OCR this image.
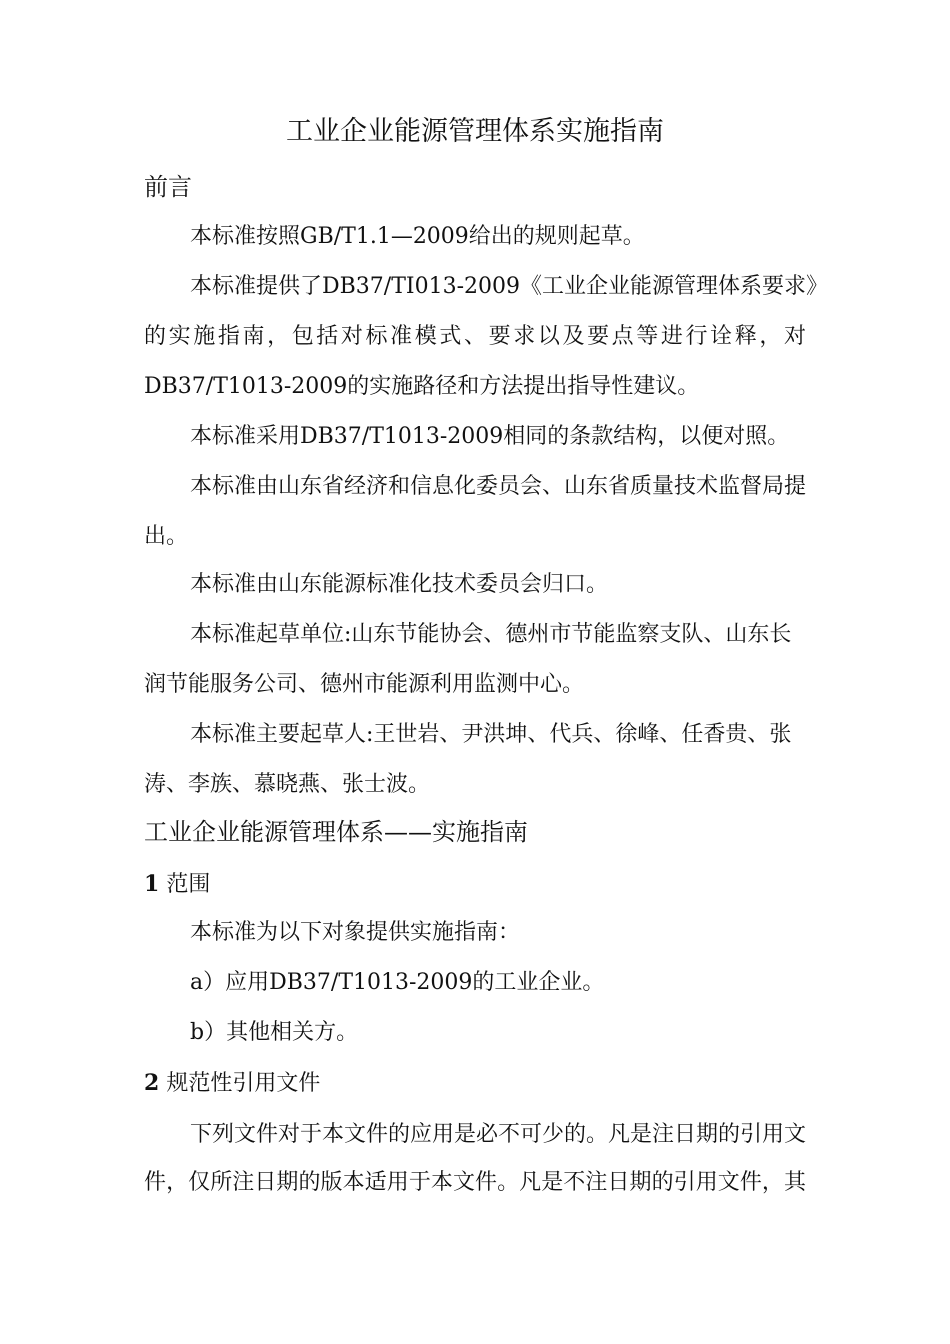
工业企业能源管理体系实施指南

前言

本标准按照GB/T1.1—2009给出的规则起草。

本标准提供了DB37/TI013-2009《工业企业能源管理体系要求》

的实施指南，包括对标准模式、要求以及要点等进行诠释，对

DB37/T1013-2009的实施路径和方法提出指导性建议。

本标准采用DB37/T1013-2009相同的条款结构，以便对照。

本标准由山东省经济和信息化委员会、山东省质量技术监督局提

出。

本标准由山东能源标准化技术委员会归口。

本标准起草单位:山东节能协会、德州市节能监察支队、山东长

润节能服务公司、德州市能源利用监测中心。

本标准主要起草人:王世岩、尹洪坤、代兵、徐峰、任香贵、张

涛、李族、慕晓燕、张士波。

工业企业能源管理体系——实施指南

1 范围

本标准为以下对象提供实施指南：

a）应用DB37/T1013-2009的工业企业。

b）其他相关方。

2 规范性引用文件

下列文件对于本文件的应用是必不可少的。凡是注日期的引用文

件，仅所注日期的版本适用于本文件。凡是不注日期的引用文件，其
